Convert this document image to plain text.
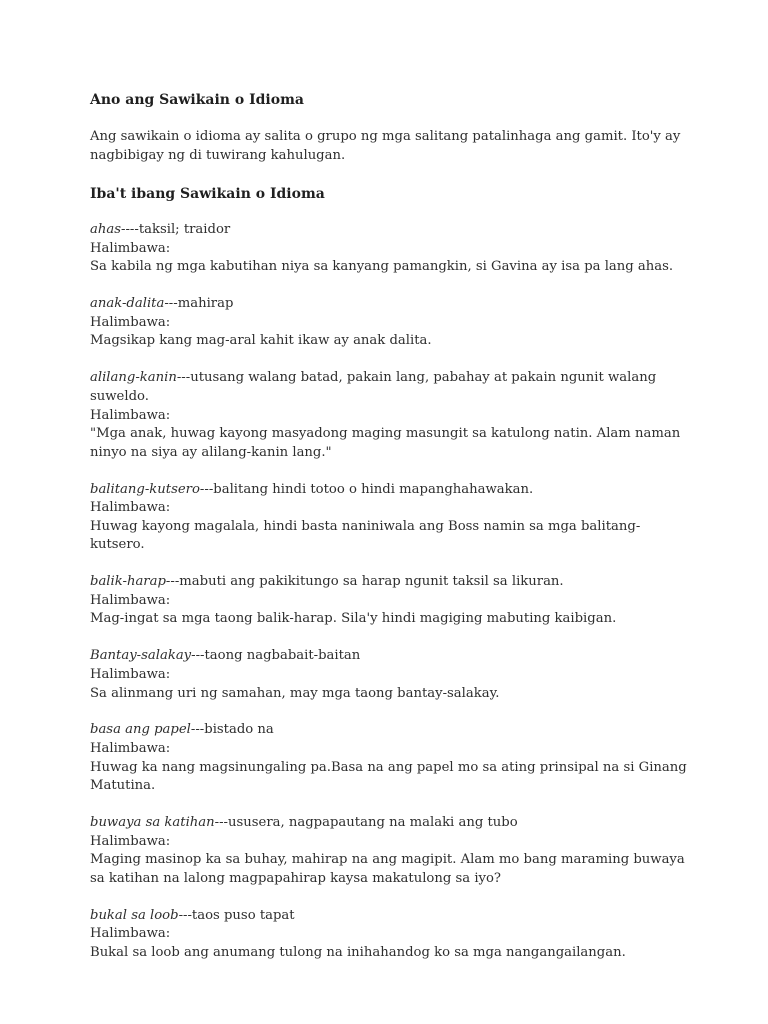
Ano ang Sawikain o Idioma
Ang sawikain o idioma ay salita o grupo ng mga salitang patalinhaga ang gamit. Ito'y ay nagbibigay ng di tuwirang kahulugan.
Iba't ibang Sawikain o Idioma
ahas----taksil; traidor
Halimbawa:
Sa kabila ng mga kabutihan niya sa kanyang pamangkin, si Gavina ay isa pa lang ahas.
anak-dalita---mahirap
Halimbawa:
Magsikap kang mag-aral kahit ikaw ay anak dalita.
alilang-kanin---utusang walang batad, pakain lang, pabahay at pakain ngunit walang suweldo.
Halimbawa:
"Mga anak, huwag kayong masyadong maging masungit sa katulong natin. Alam naman ninyo na siya ay alilang-kanin lang."
balitang-kutsero---balitang hindi totoo o hindi mapanghahawakan.
Halimbawa:
Huwag kayong magalala, hindi basta naniniwala ang Boss namin sa mga balitang-kutsero.
balik-harap---mabuti ang pakikitungo sa harap ngunit taksil sa likuran.
Halimbawa:
Mag-ingat sa mga taong balik-harap. Sila'y hindi magiging mabuting kaibigan.
Bantay-salakay---taong nagbabait-baitan
Halimbawa:
Sa alinmang uri ng samahan, may mga taong bantay-salakay.
basa ang papel---bistado na
Halimbawa:
Huwag ka nang magsinungaling pa.Basa na ang papel mo sa ating prinsipal na si Ginang Matutina.
buwaya sa katihan---ususera, nagpapautang na malaki ang tubo
Halimbawa:
Maging masinop ka sa buhay, mahirap na ang magipit. Alam mo bang maraming buwaya sa katihan na lalong magpapahirap kaysa makatulong sa iyo?
bukal sa loob---taos puso tapat
Halimbawa:
Bukal sa loob ang anumang tulong na inihahandog ko sa mga nangangailangan.
